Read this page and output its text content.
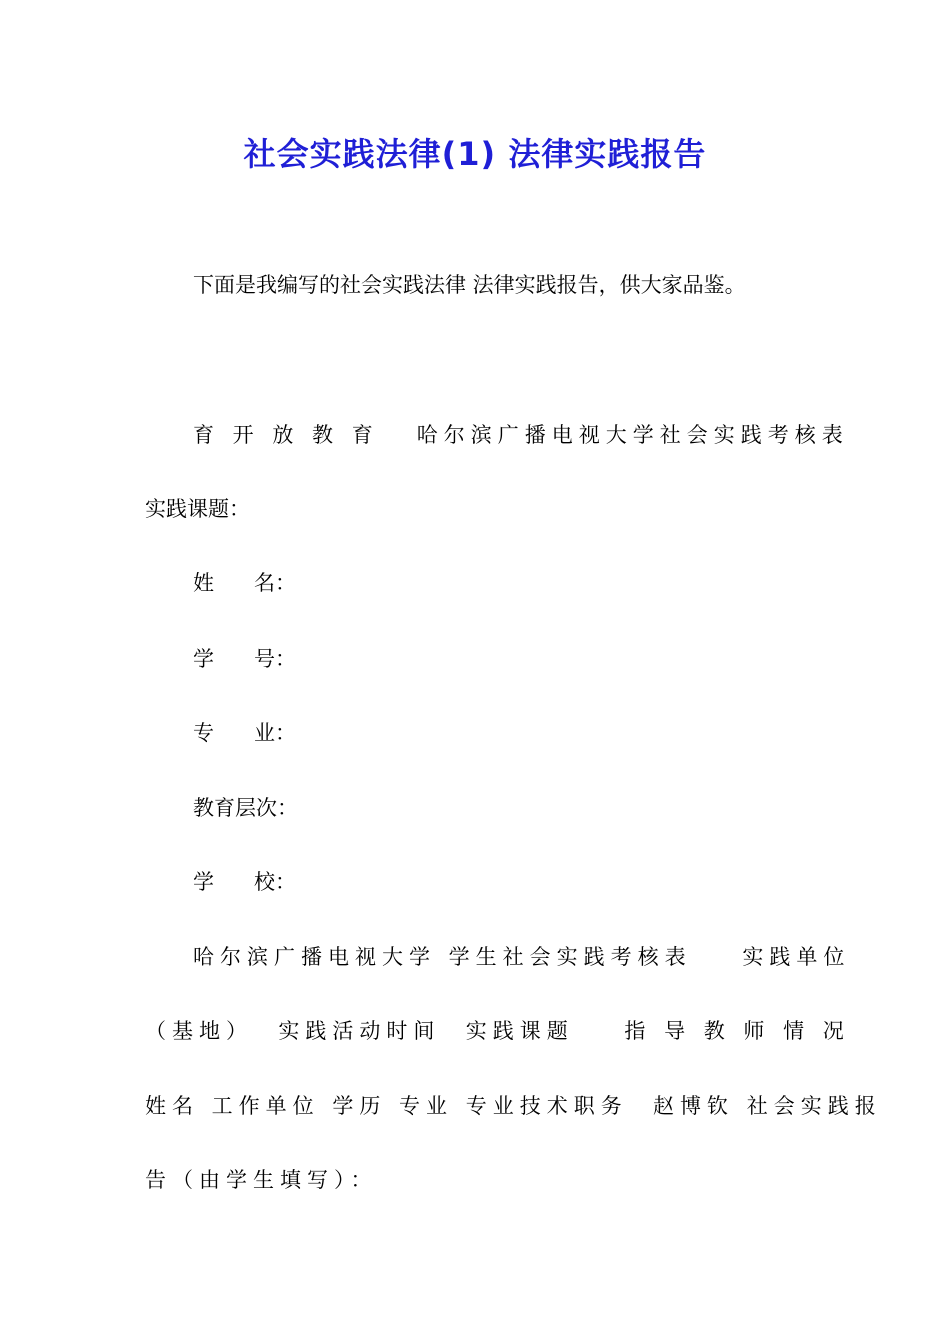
社会实践法律(1) 法律实践报告
下面是我编写的社会实践法律 法律实践报告，供大家品鉴。
育 开 放 教 育   哈尔滨广播电视大学社会实践考核表
实践课题：
姓      名：
学      号：
专      业：
教育层次：
学      校：
哈尔滨广播电视大学 学生社会实践考核表    实践单位
（基地）  实践活动时间  实践课题    指 导 教 师 情 况
姓名 工作单位 学历 专业 专业技术职务  赵博钦 社会实践报
告（由学生填写）：
